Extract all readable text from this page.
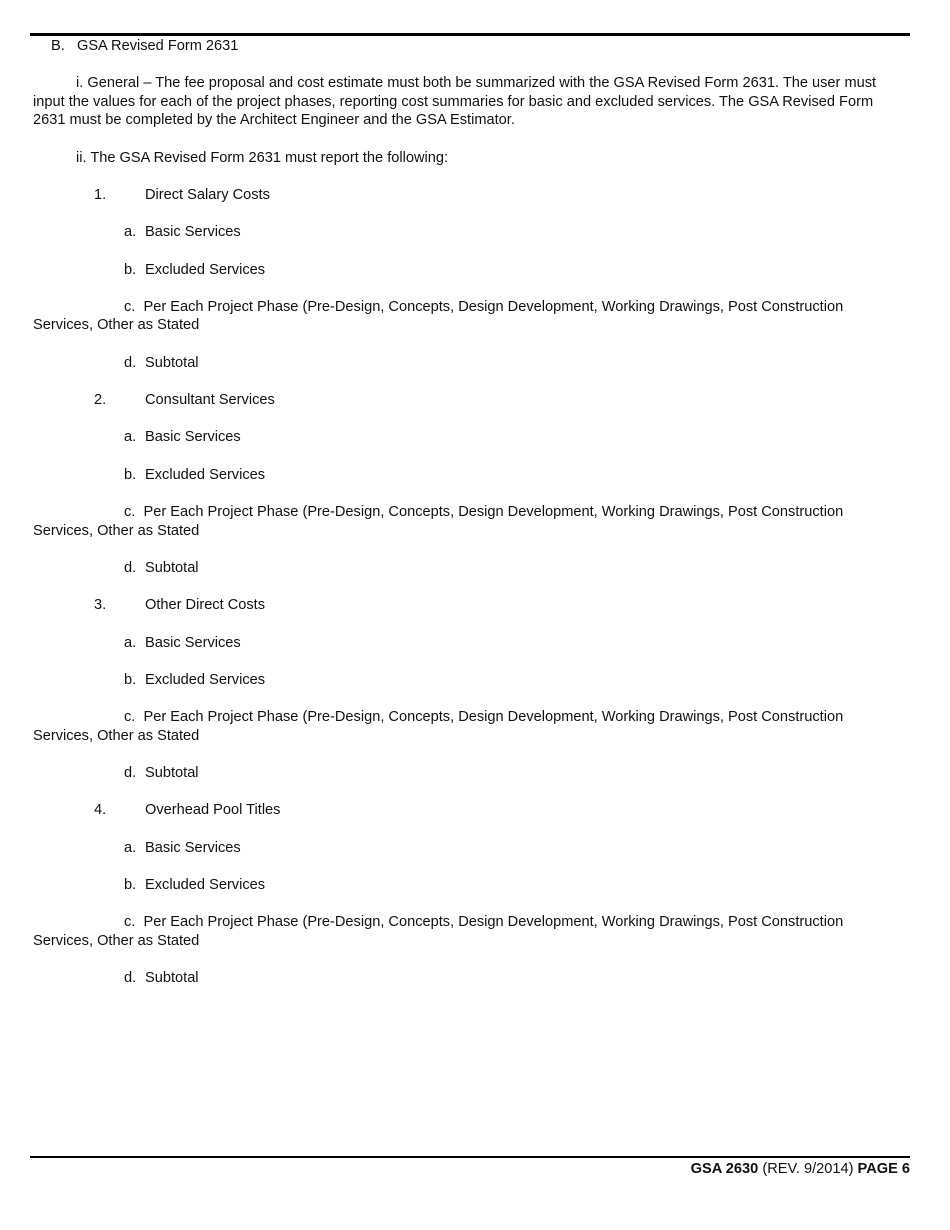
B. GSA Revised Form 2631
i. General – The fee proposal and cost estimate must both be summarized with the GSA Revised Form 2631. The user must input the values for each of the project phases, reporting cost summaries for basic and excluded services. The GSA Revised Form 2631 must be completed by the Architect Engineer and the GSA Estimator.
ii. The GSA Revised Form 2631 must report the following:
1.	Direct Salary Costs
a. Basic Services
b. Excluded Services
c. Per Each Project Phase (Pre-Design, Concepts, Design Development, Working Drawings, Post Construction Services, Other as Stated
d. Subtotal
2.	Consultant Services
a. Basic Services
b. Excluded Services
c. Per Each Project Phase (Pre-Design, Concepts, Design Development, Working Drawings, Post Construction Services, Other as Stated
d. Subtotal
3.	Other Direct Costs
a. Basic Services
b. Excluded Services
c. Per Each Project Phase (Pre-Design, Concepts, Design Development, Working Drawings, Post Construction Services, Other as Stated
d. Subtotal
4.	Overhead Pool Titles
a. Basic Services
b. Excluded Services
c. Per Each Project Phase (Pre-Design, Concepts, Design Development, Working Drawings, Post Construction Services, Other as Stated
d. Subtotal
GSA 2630 (REV. 9/2014) PAGE 6
